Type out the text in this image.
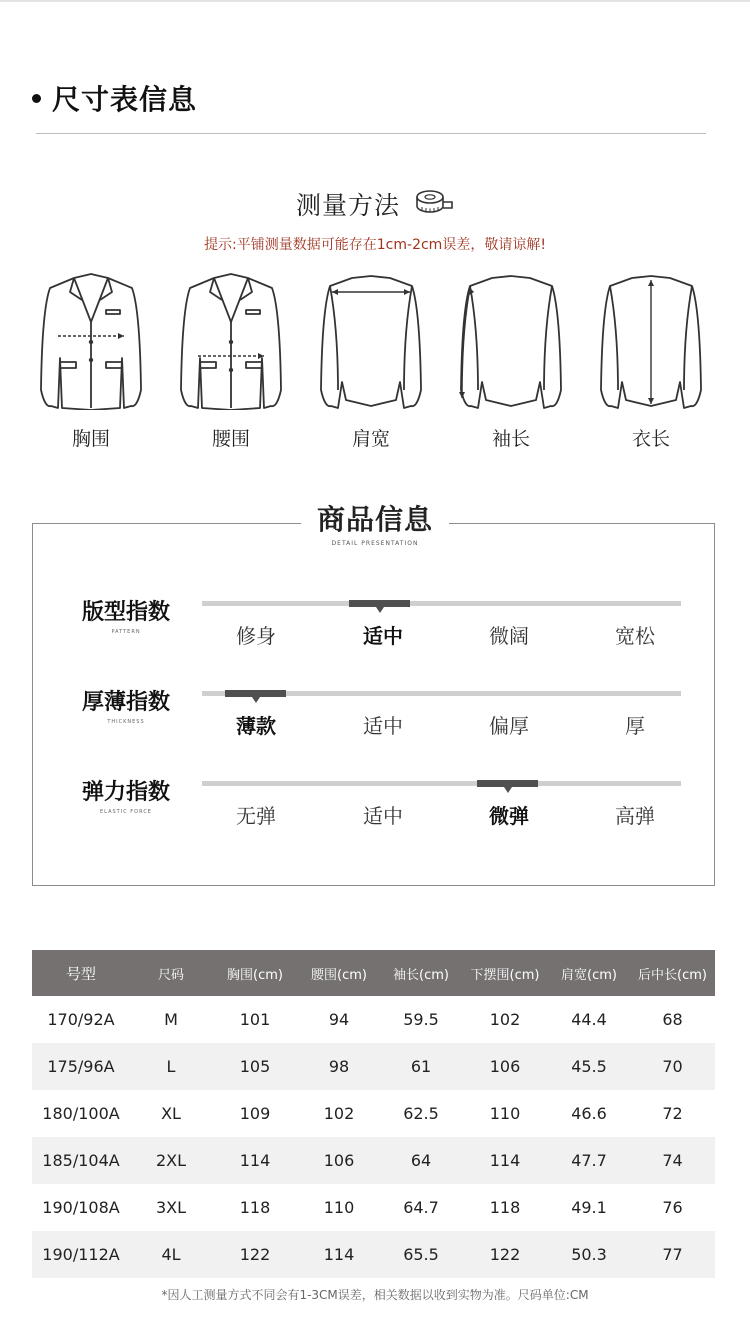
尺寸表信息
测量方法
提示:平铺测量数据可能存在1cm-2cm误差，敬请谅解!
胸围	腰围	肩宽	袖长	衣长
商品信息
DETAIL PRESENTATION
版型指数
PATTERN	修身	适中	微阔	宽松
厚薄指数
THICKNESS	薄款	适中	偏厚	厚
弹力指数
ELASTIC FORCE	无弹	适中	微弹	高弹
号型	尺码	胸围(cm)	腰围(cm)	袖长(cm)	下摆围(cm)	肩宽(cm)	后中长(cm)
170/92A	M	101	94	59.5	102	44.4	68
175/96A	L	105	98	61	106	45.5	70
180/100A	XL	109	102	62.5	110	46.6	72
185/104A	2XL	114	106	64	114	47.7	74
190/108A	3XL	118	110	64.7	118	49.1	76
190/112A	4L	122	114	65.5	122	50.3	77
*因人工测量方式不同会有1-3CM误差，相关数据以收到实物为准。尺码单位:CM
